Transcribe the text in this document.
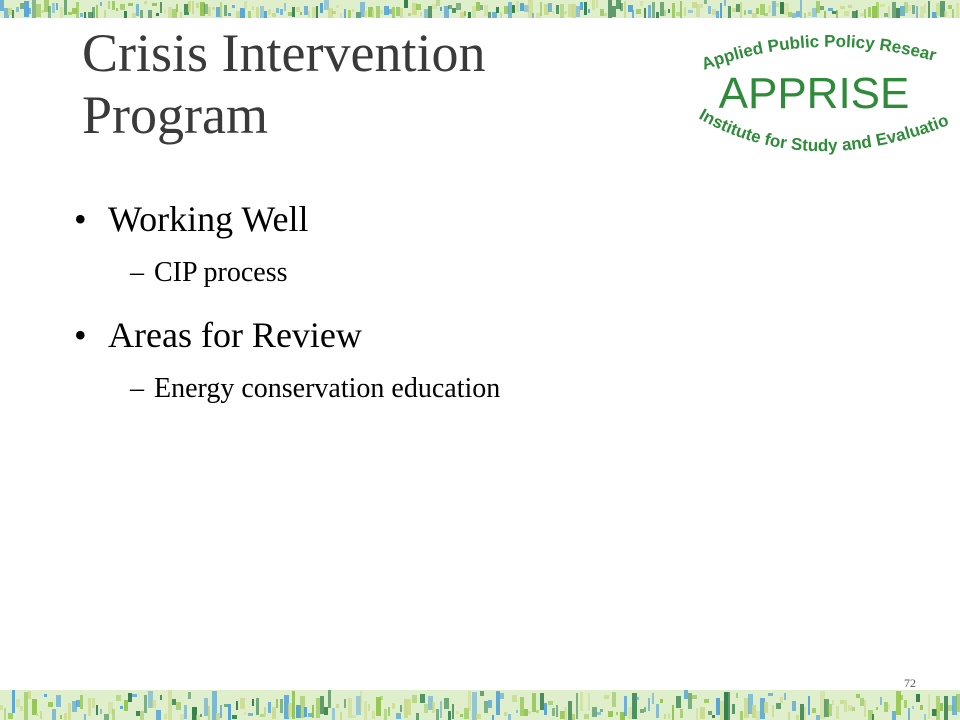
Crisis Intervention
Program
Applied Public Policy Resear
APPRISE
Institute for Study and Evaluatio
• Working Well
– CIP process
• Areas for Review
– Energy conservation education
72
